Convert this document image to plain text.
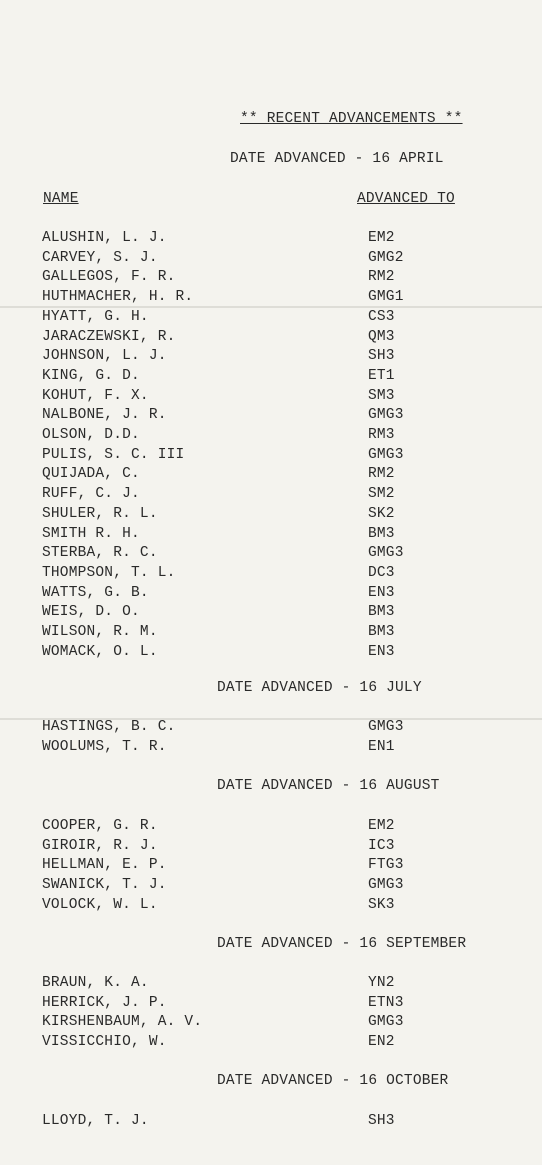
** RECENT ADVANCEMENTS **
NAME	ADVANCED TO
DATE ADVANCED - 16 APRIL
ALUSHIN, L. J.	EM2
CARVEY, S. J.	GMG2
GALLEGOS, F. R.	RM2
HUTHMACHER, H. R.	GMG1
HYATT, G. H.	CS3
JARACZEWSKI, R.	QM3
JOHNSON, L. J.	SH3
KING, G. D.	ET1
KOHUT, F. X.	SM3
NALBONE, J. R.	GMG3
OLSON, D.D.	RM3
PULIS, S. C. III	GMG3
QUIJADA, C.	RM2
RUFF, C. J.	SM2
SHULER, R. L.	SK2
SMITH R. H.	BM3
STERBA, R. C.	GMG3
THOMPSON, T. L.	DC3
WATTS, G. B.	EN3
WEIS, D. O.	BM3
WILSON, R. M.	BM3
WOMACK, O. L.	EN3
DATE ADVANCED - 16 JULY
HASTINGS, B. C.	GMG3
WOOLUMS, T. R.	EN1
DATE ADVANCED - 16 AUGUST
COOPER, G. R.	EM2
GIROIR, R. J.	IC3
HELLMAN, E. P.	FTG3
SWANICK, T. J.	GMG3
VOLOCK, W. L.	SK3
DATE ADVANCED - 16 SEPTEMBER
BRAUN, K. A.	YN2
HERRICK, J. P.	ETN3
KIRSHENBAUM, A. V.	GMG3
VISSICCHIO, W.	EN2
DATE ADVANCED - 16 OCTOBER
LLOYD, T. J.	SH3
